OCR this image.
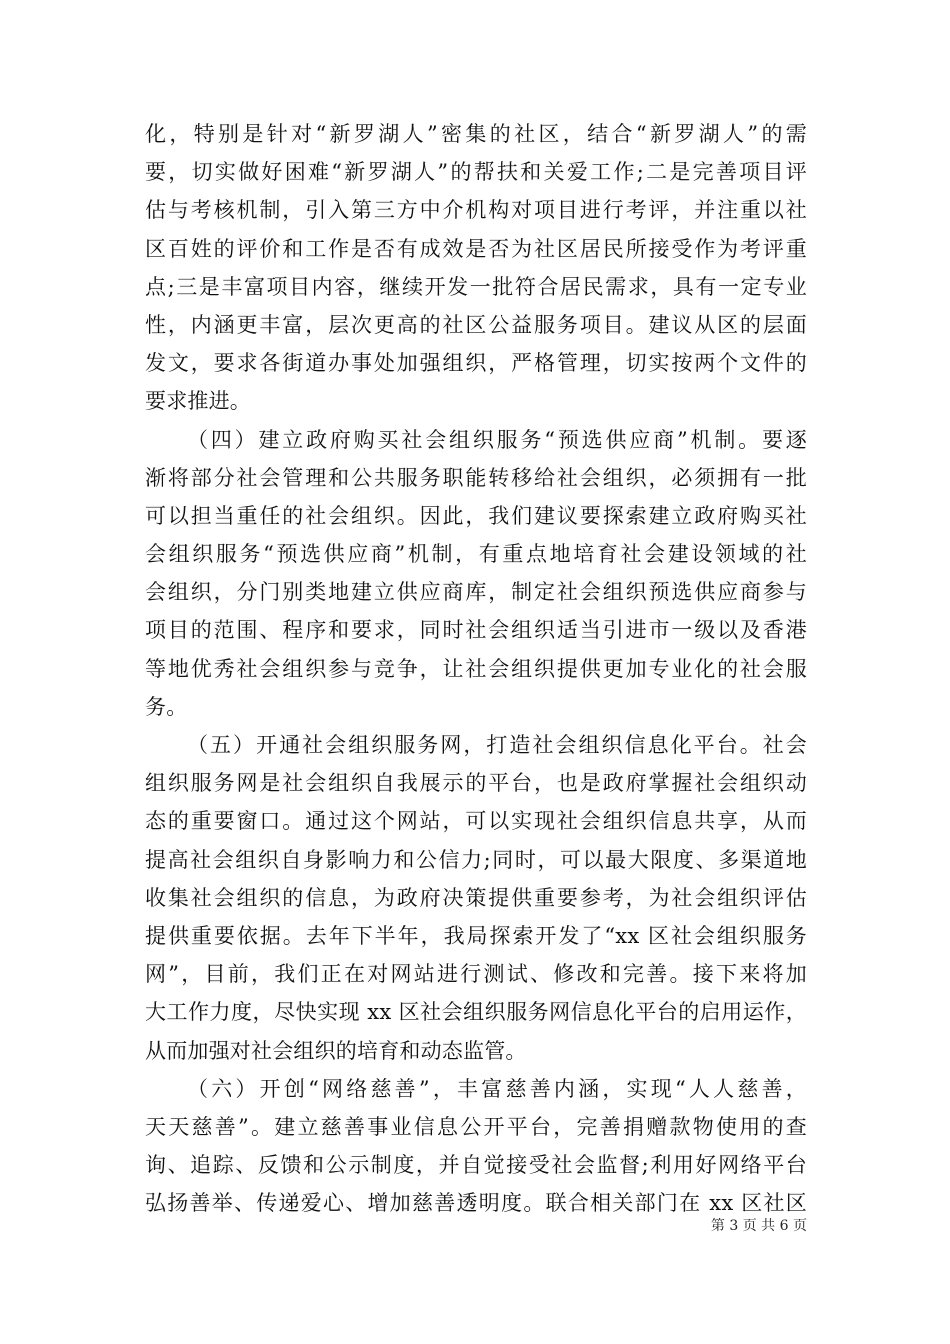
化，特别是针对“新罗湖人”密集的社区，结合“新罗湖人”的需
要，切实做好困难“新罗湖人”的帮扶和关爱工作;二是完善项目评
估与考核机制，引入第三方中介机构对项目进行考评，并注重以社
区百姓的评价和工作是否有成效是否为社区居民所接受作为考评重
点;三是丰富项目内容，继续开发一批符合居民需求，具有一定专业
性，内涵更丰富，层次更高的社区公益服务项目。建议从区的层面
发文，要求各街道办事处加强组织，严格管理，切实按两个文件的
要求推进。
（四）建立政府购买社会组织服务“预选供应商”机制。要逐
渐将部分社会管理和公共服务职能转移给社会组织，必须拥有一批
可以担当重任的社会组织。因此，我们建议要探索建立政府购买社
会组织服务“预选供应商”机制，有重点地培育社会建设领域的社
会组织，分门别类地建立供应商库，制定社会组织预选供应商参与
项目的范围、程序和要求，同时社会组织适当引进市一级以及香港
等地优秀社会组织参与竞争，让社会组织提供更加专业化的社会服
务。
（五）开通社会组织服务网，打造社会组织信息化平台。社会
组织服务网是社会组织自我展示的平台，也是政府掌握社会组织动
态的重要窗口。通过这个网站，可以实现社会组织信息共享，从而
提高社会组织自身影响力和公信力;同时，可以最大限度、多渠道地
收集社会组织的信息，为政府决策提供重要参考，为社会组织评估
提供重要依据。去年下半年，我局探索开发了“xx 区社会组织服务
网”，目前，我们正在对网站进行测试、修改和完善。接下来将加
大工作力度，尽快实现 xx 区社会组织服务网信息化平台的启用运作，
从而加强对社会组织的培育和动态监管。
（六）开创“网络慈善”，丰富慈善内涵，实现“人人慈善，
天天慈善”。建立慈善事业信息公开平台，完善捐赠款物使用的查
询、追踪、反馈和公示制度，并自觉接受社会监督;利用好网络平台
弘扬善举、传递爱心、增加慈善透明度。联合相关部门在 xx 区社区
第 3 页 共 6 页
